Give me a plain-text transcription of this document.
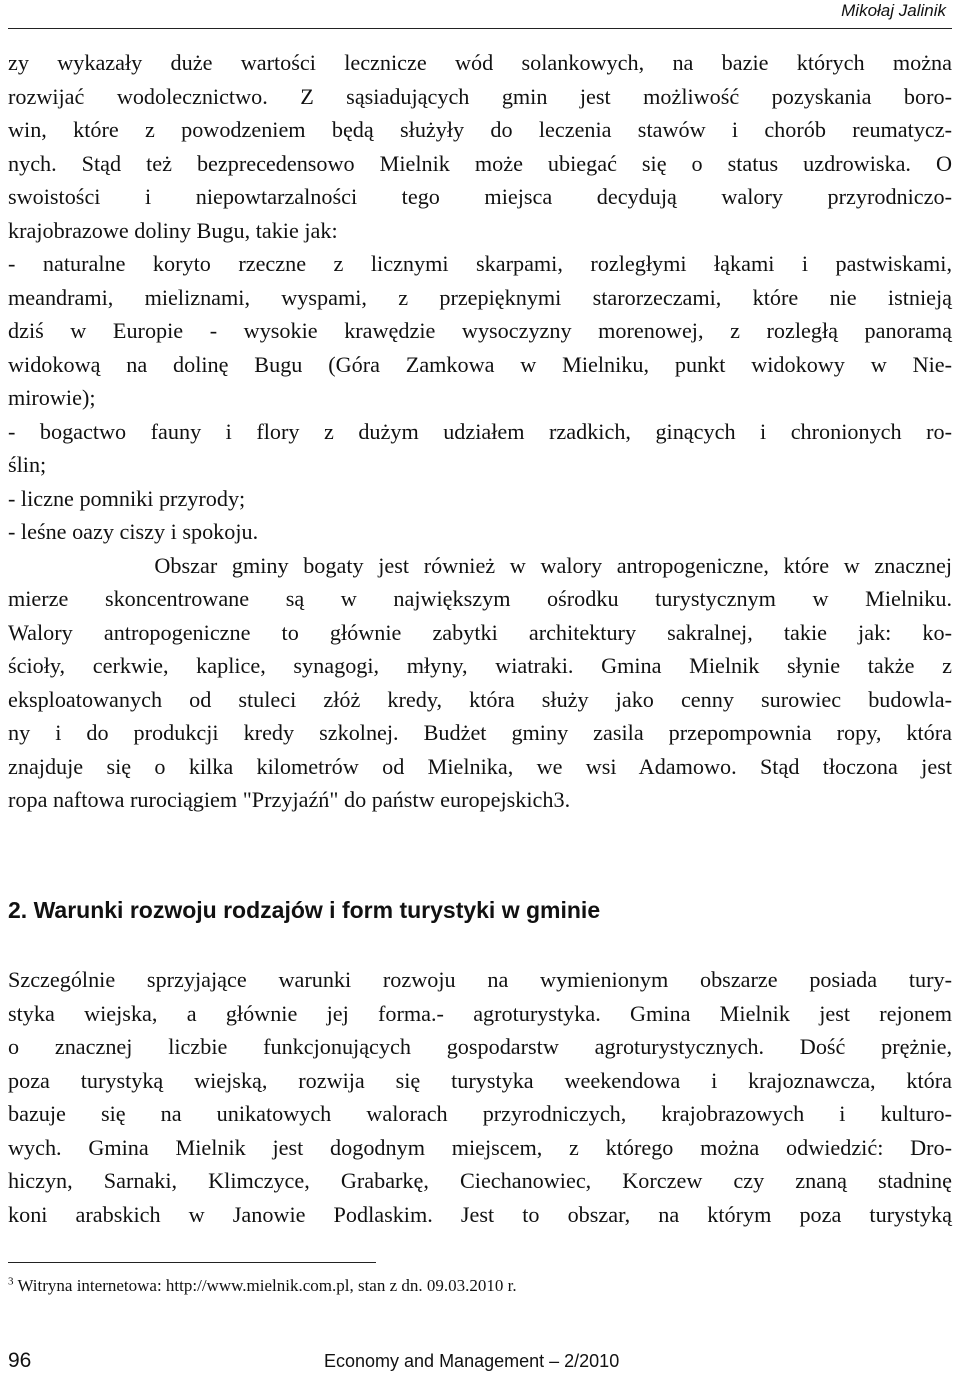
Mikołaj Jalinik
zy wykazały duże wartości lecznicze wód solankowych, na bazie których można
rozwijać wodolecznictwo. Z sąsiadujących gmin jest możliwość pozyskania boro-
win, które z powodzeniem będą służyły do leczenia stawów i chorób reumatycz-
nych. Stąd też bezprecedensowo Mielnik może ubiegać się o status uzdrowiska. O
swoistości i niepowtarzalności tego miejsca decydują walory przyrodniczo-
krajobrazowe doliny Bugu, takie jak:
- naturalne koryto rzeczne z licznymi skarpami, rozległymi łąkami i pastwiskami,
meandrami, mieliznami, wyspami, z przepięknymi starorzeczami, które nie istnieją
dziś w Europie - wysokie krawędzie wysoczyzny morenowej, z rozległą panoramą
widokową na dolinę Bugu (Góra Zamkowa w Mielniku, punkt widokowy w Nie-
mirowie);
- bogactwo fauny i flory z dużym udziałem rzadkich, ginących i chronionych ro-
ślin;
- liczne pomniki przyrody;
- leśne oazy ciszy i spokoju.
Obszar gminy bogaty jest również w walory antropogeniczne, które w znacznej
mierze skoncentrowane są w największym ośrodku turystycznym w Mielniku.
Walory antropogeniczne to głównie zabytki architektury sakralnej, takie jak: ko-
ścioły, cerkwie, kaplice, synagogi, młyny, wiatraki. Gmina Mielnik słynie także z
eksploatowanych od stuleci złóż kredy, która służy jako cenny surowiec budowla-
ny i do produkcji kredy szkolnej. Budżet gminy zasila przepompownia ropy, która
znajduje się o kilka kilometrów od Mielnika, we wsi Adamowo. Stąd tłoczona jest
ropa naftowa rurociągiem "Przyjaźń" do państw europejskich3.
2. Warunki rozwoju rodzajów i form turystyki w gminie
Szczególnie sprzyjające warunki rozwoju na wymienionym obszarze posiada tury-
styka wiejska, a głównie jej forma.- agroturystyka. Gmina Mielnik jest rejonem
o znacznej liczbie funkcjonujących gospodarstw agroturystycznych. Dość prężnie,
poza turystyką wiejską, rozwija się turystyka weekendowa i krajoznawcza, która
bazuje się na unikatowych walorach przyrodniczych, krajobrazowych i kulturo-
wych. Gmina Mielnik jest dogodnym miejscem, z którego można odwiedzić: Dro-
hiczyn, Sarnaki, Klimczyce, Grabarkę, Ciechanowiec, Korczew czy znaną stadninę
koni arabskich w Janowie Podlaskim. Jest to obszar, na którym poza turystyką
$^3$ Witryna internetowa: http://www.mielnik.com.pl, stan z dn. 09.03.2010 r.
96	Economy and Management – 2/2010
